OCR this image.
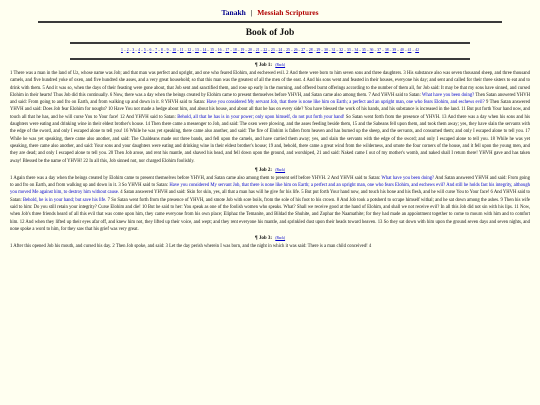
Tanakh | Messiah Scriptures
Book of Job
1 – 2 – 3 – 4 – 5 – 6 – 7 – 8 – 9 – 10 – 11 – 12 – 13 – 14 – 15 – 16 – 17 – 18 – 19 – 20 – 21 – 22 – 23 – 24 – 25 – 26 – 27 – 28 – 29 – 30 – 31 – 32 – 33 – 34 – 35 – 36 – 37 – 38 – 39 – 40 – 41 – 42
¶ Job 1: (Back)
1 There was a man in the land of Uz, whose name was Job; and that man was perfect and upright, and one who feared Elohim, and eschewed evil. 2 And there were born to him seven sons and three daughters. 3 His substance also was seven thousand sheep, and three thousand camels, and five hundred yoke of oxen, and five hundred she asses, and a very great household; so that this man was the greatest of all the men of the east. 4 And his sons went and feasted in their houses, everyone his day; and sent and called for their three sisters to eat and to drink with them. 5 And it was so, when the days of their feasting were gone about, that Job sent and sanctified them, and rose up early in the morning, and offered burnt offerings according to the number of them all, for Job said: It may be that my sons have sinned, and cursed Elohim in their hearts! Thus Job did this continually. 6 Now, there was a day when the beings created by Elohim came to present themselves before YHVH, and Satan came also among them. 7 And YHVH said to Satan: What have you been doing? Then Satan answered YHVH and said: From going to and fro on Earth, and from walking up and down in it. 8 YHVH said to Satan: Have you considered My servant Job, that there is none like him on Earth; a perfect and an upright man, one who fears Elohim, and eschews evil? 9 Then Satan answered YHVH and said: Does Job fear Elohim for nought? 10 Have You not made a hedge about him, and about his house, and about all that he has on every side? You have blessed the work of his hands, and his substance is increased in the land. 11 But put forth Your hand now, and touch all that he has, and he will curse You to Your face! 12 And YHVH said to Satan: Behold, all that he has is in your power; only upon himself, do not put forth your hand! So Satan went forth from the presence of YHVH. 13 And there was a day when his sons and his daughters were eating and drinking wine in their eldest brother's house. 14 Then there came a messenger to Job, and said: The oxen were plowing, and the asses feeding beside them, 15 and the Sabeans fell upon them, and took them away; yes, they have slain the servants with the edge of the sword, and only I escaped alone to tell you! 16 While he was yet speaking, there came also another, and said: The fire of Elohim is fallen from heaven and has burned up the sheep, and the servants, and consumed them; and only I escaped alone to tell you. 17 While he was yet speaking, there came also another, and said: The Chaldeans made out three bands, and fell upon the camels, and have carried them away; yes, and slain the servants with the edge of the sword; and only I escaped alone to tell you. 18 While he was yet speaking, there came also another, and said: Your sons and your daughters were eating and drinking wine in their eldest brother's house; 19 and, behold, there came a great wind from the wilderness, and smote the four corners of the house, and it fell upon the young men, and they are dead; and only I escaped alone to tell you. 20 Then Job arose, and rent his mantle, and shaved his head, and fell down upon the ground, and worshiped, 21 and said: Naked came I out of my mother's womb, and naked shall I return there! YHVH gave and has taken away! Blessed be the name of YHVH! 22 In all this, Job sinned not, nor charged Elohim foolishly.
¶ Job 2: (Back)
1 Again there was a day when the beings created by Elohim came to present themselves before YHVH, and Satan came also among them to present self before YHVH. 2 And YHVH said to Satan: What have you been doing? And Satan answered YHVH and said: From going to and fro on Earth, and from walking up and down in it. 3 So YHVH said to Satan: Have you considered My servant Job, that there is none like him on Earth; a perfect and an upright man, one who fears Elohim, and eschews evil? And still he holds fast his integrity, although you moved Me against him, to destroy him without cause. 4 Satan answered YHVH and said: Skin for skin, yes, all that a man has will he give for his life. 5 But put forth Your hand now, and touch his bone and his flesh, and he will curse You to Your face! 6 And YHVH said to Satan: Behold, he is in your hand; but save his life. 7 So Satan went forth from the presence of YHVH, and smote Job with sore boils, from the sole of his foot to his crown. 8 And Job took a potsherd to scrape himself withal; and he sat down among the ashes. 9 Then his wife said to him: Do you still retain your integrity? Curse Elohim and die! 10 But he said to her: You speak as one of the foolish women who speaks. What? Shall we receive good at the hand of Elohim, and shall we not receive evil? In all this Job did not sin with his lips. 11 Now, when Job's three friends heard of all this evil that was come upon him, they came everyone from his own place; Eliphaz the Temanite, and Bildad the Shuhite, and Zophar the Naamathite; for they had made an appointment together to come to mourn with him and to comfort him. 12 And when they lifted up their eyes afar off, and knew him not, they lifted up their voice, and wept; and they rent everyone his mantle, and sprinkled dust upon their heads toward heaven. 13 So they sat down with him upon the ground seven days and seven nights, and none spoke a word to him, for they saw that his grief was very great.
¶ Job 3: (Back)
1 After this opened Job his mouth, and cursed his day. 2 Then Job spoke, and said: 3 Let the day perish wherein I was born, and the night in which it was said: There is a man child conceived! 4
